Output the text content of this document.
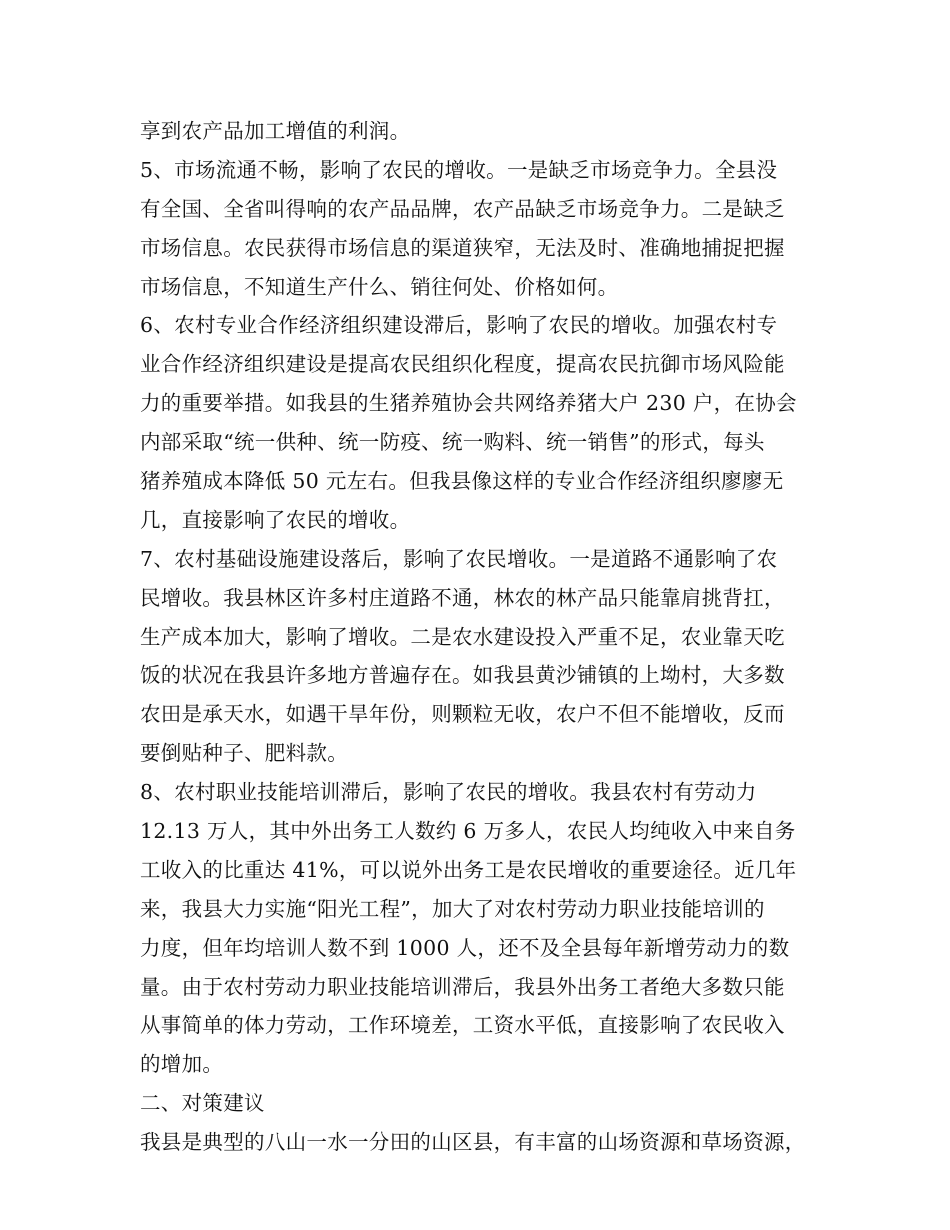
享到农产品加工增值的利润。
5、市场流通不畅，影响了农民的增收。一是缺乏市场竞争力。全县没
有全国、全省叫得响的农产品品牌，农产品缺乏市场竞争力。二是缺乏
市场信息。农民获得市场信息的渠道狭窄，无法及时、准确地捕捉把握
市场信息，不知道生产什么、销往何处、价格如何。
6、农村专业合作经济组织建设滞后，影响了农民的增收。加强农村专
业合作经济组织建设是提高农民组织化程度，提高农民抗御市场风险能
力的重要举措。如我县的生猪养殖协会共网络养猪大户 230 户，在协会
内部采取“统一供种、统一防疫、统一购料、统一销售”的形式，每头
猪养殖成本降低 50 元左右。但我县像这样的专业合作经济组织廖廖无
几，直接影响了农民的增收。
7、农村基础设施建设落后，影响了农民增收。一是道路不通影响了农
民增收。我县林区许多村庄道路不通，林农的林产品只能靠肩挑背扛，
生产成本加大，影响了增收。二是农水建设投入严重不足，农业靠天吃
饭的状况在我县许多地方普遍存在。如我县黄沙铺镇的上坳村，大多数
农田是承天水，如遇干旱年份，则颗粒无收，农户不但不能增收，反而
要倒贴种子、肥料款。
8、农村职业技能培训滞后，影响了农民的增收。我县农村有劳动力
12.13 万人，其中外出务工人数约 6 万多人，农民人均纯收入中来自务
工收入的比重达 41%，可以说外出务工是农民增收的重要途径。近几年
来，我县大力实施“阳光工程”，加大了对农村劳动力职业技能培训的
力度，但年均培训人数不到 1000 人，还不及全县每年新增劳动力的数
量。由于农村劳动力职业技能培训滞后，我县外出务工者绝大多数只能
从事简单的体力劳动，工作环境差，工资水平低，直接影响了农民收入
的增加。
二、对策建议
我县是典型的八山一水一分田的山区县，有丰富的山场资源和草场资源，
